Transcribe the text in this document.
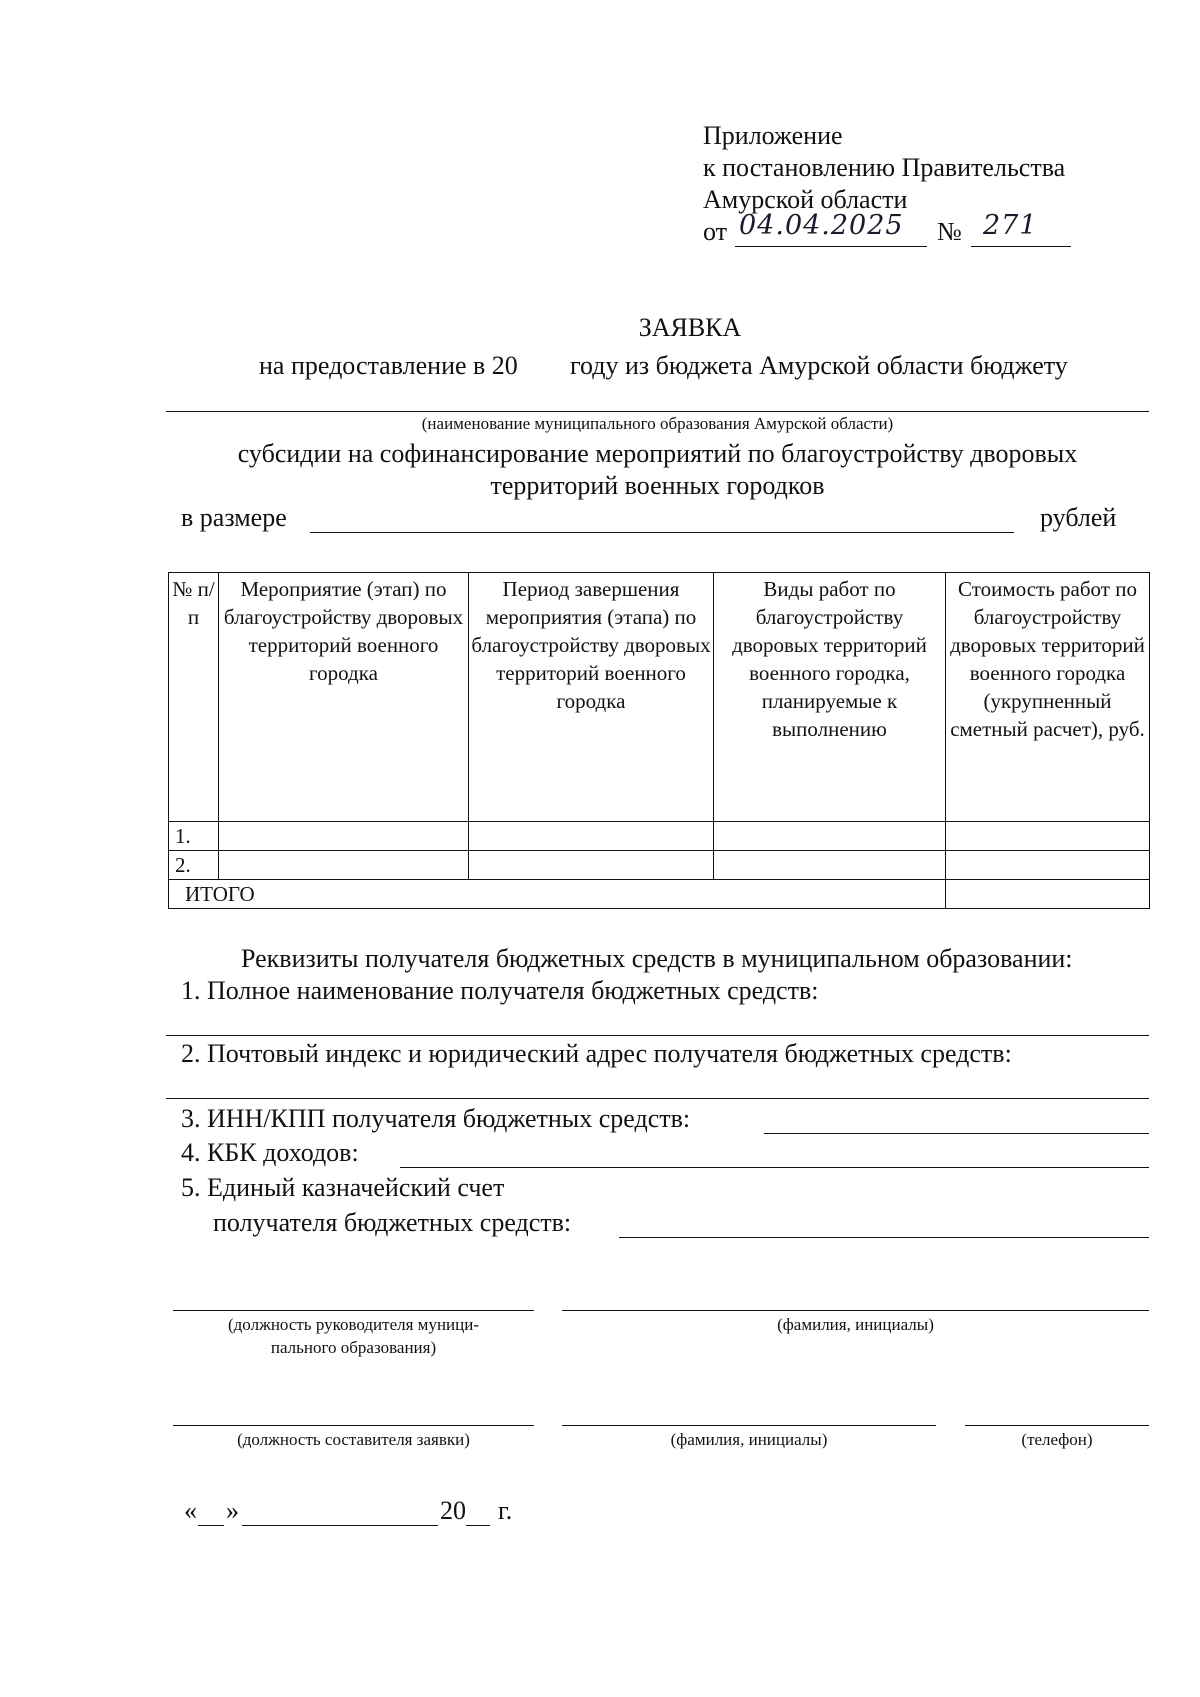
Приложение
к постановлению Правительства
Амурской области
от 04.04.2025 № 271
ЗАЯВКА
на предоставление в 20 году из бюджета Амурской области бюджету
(наименование муниципального образования Амурской области)
субсидии на софинансирование мероприятий по благоустройству дворовых
территорий военных городков
в размере	рублей
№ п/п	Мероприятие (этап) по благоустройству дворовых территорий военного городка	Период завершения мероприятия (этапа) по благоустройству дворовых территорий военного городка	Виды работ по благоустройству дворовых территорий военного городка, планируемые к выполнению	Стоимость работ по благоустройству дворовых территорий военного городка (укрупненный сметный расчет), руб.
1.				
2.				
ИТОГО				
Реквизиты получателя бюджетных средств в муниципальном образовании:
1. Полное наименование получателя бюджетных средств:
2. Почтовый индекс и юридический адрес получателя бюджетных средств:
3. ИНН/КПП получателя бюджетных средств:
4. КБК доходов:
5. Единый казначейский счет
получателя бюджетных средств:
(должность руководителя муници-
пального образования)
(фамилия, инициалы)
(должность составителя заявки)	(фамилия, инициалы)	(телефон)
« »	20 г.
